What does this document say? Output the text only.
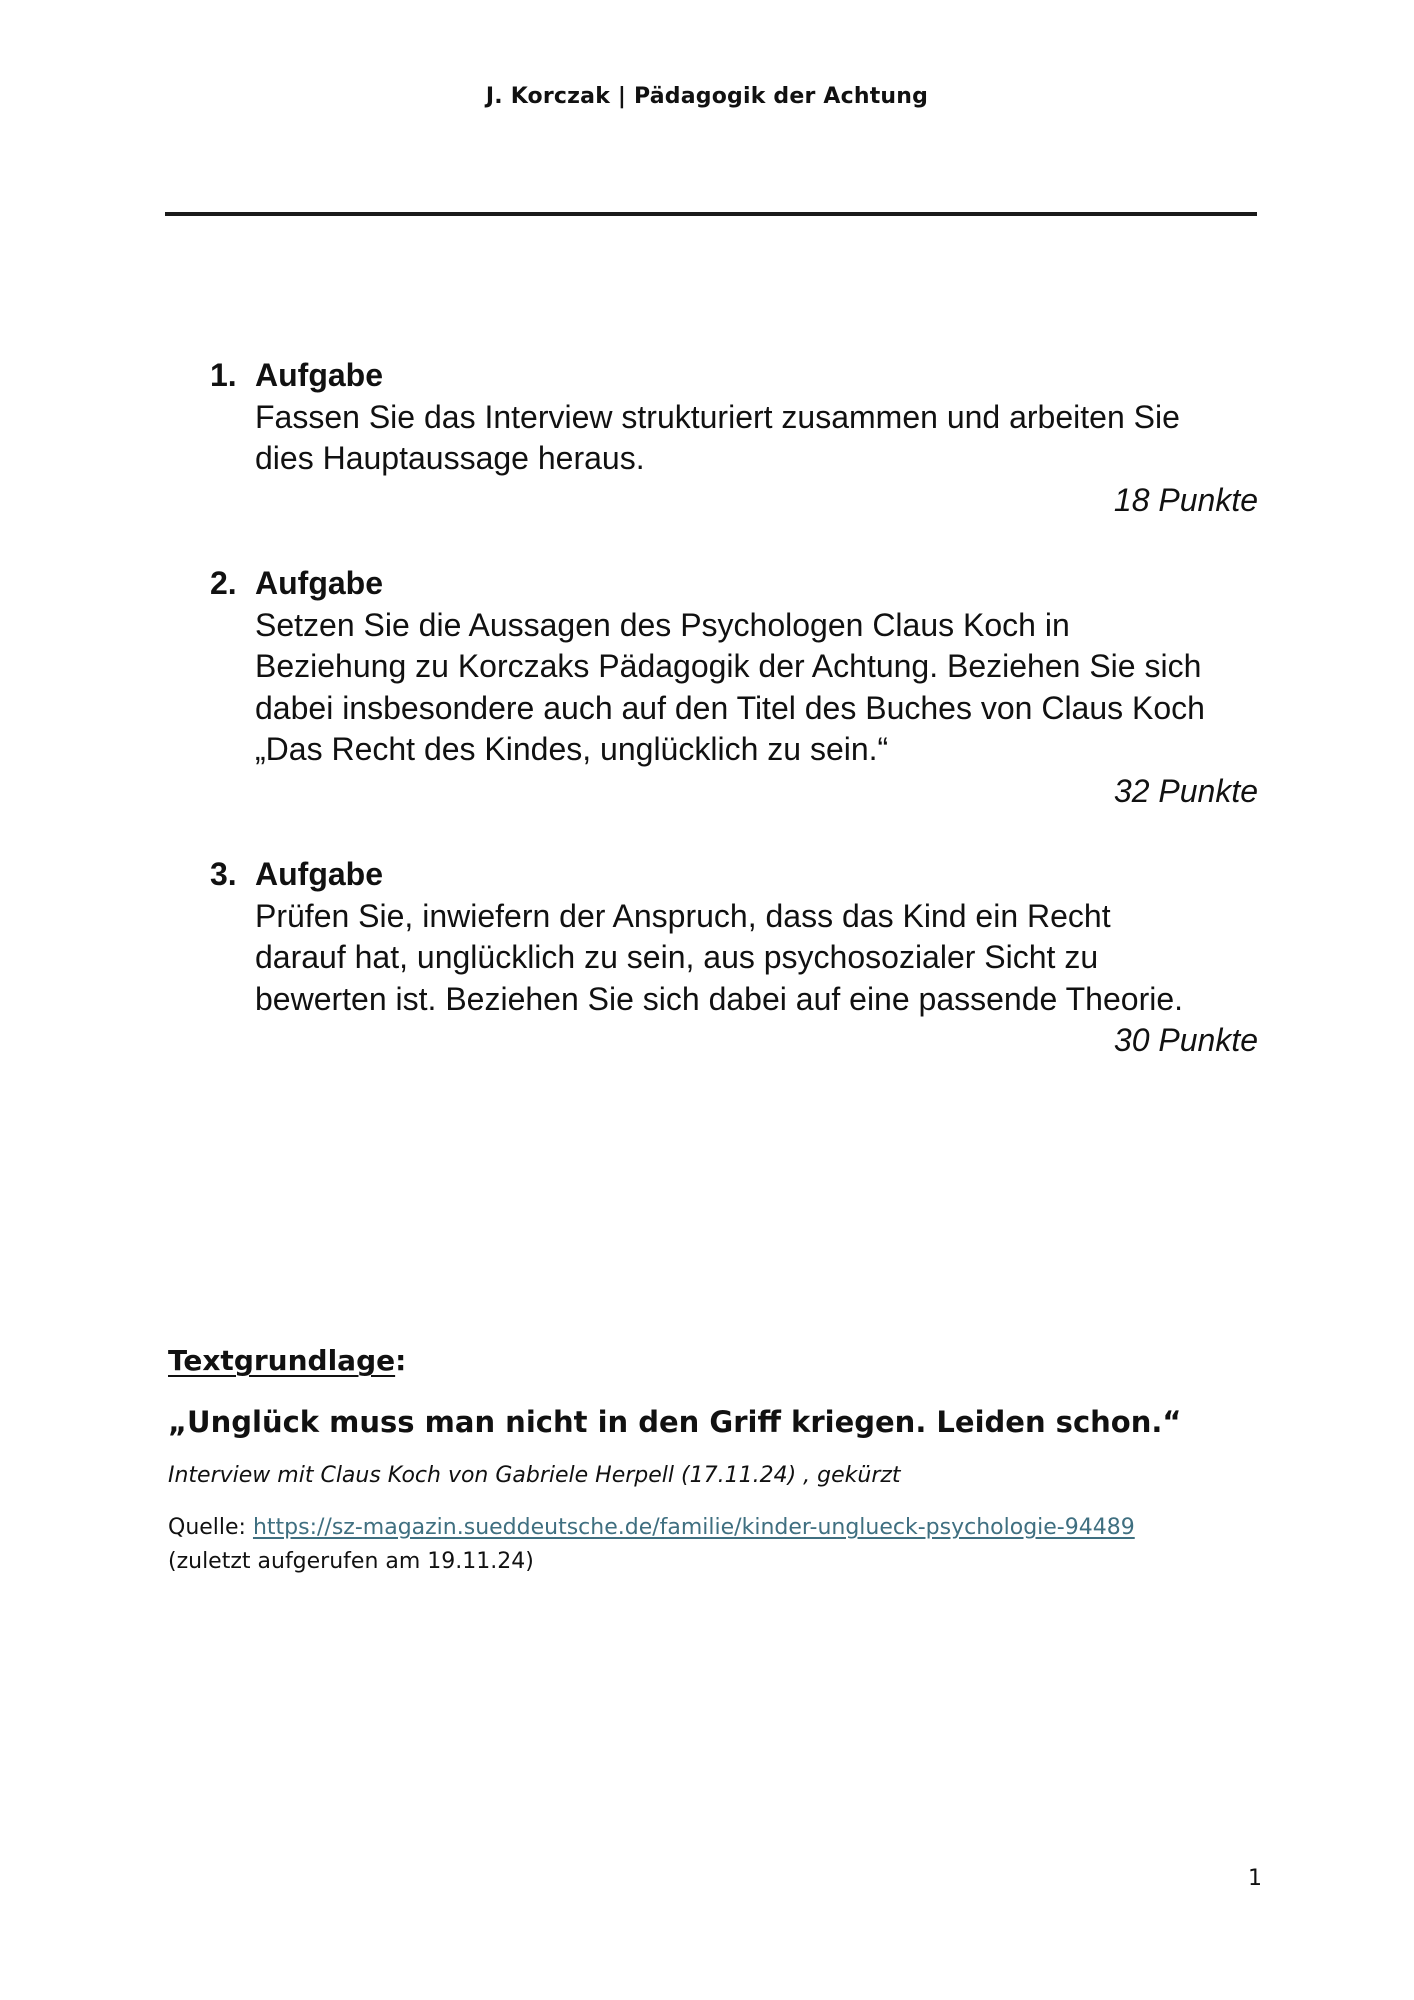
J. Korczak | Pädagogik der Achtung
1. Aufgabe
Fassen Sie das Interview strukturiert zusammen und arbeiten Sie
dies Hauptaussage heraus.
18 Punkte
2. Aufgabe
Setzen Sie die Aussagen des Psychologen Claus Koch in
Beziehung zu Korczaks Pädagogik der Achtung. Beziehen Sie sich
dabei insbesondere auch auf den Titel des Buches von Claus Koch
„Das Recht des Kindes, unglücklich zu sein.“
32 Punkte
3. Aufgabe
Prüfen Sie, inwiefern der Anspruch, dass das Kind ein Recht
darauf hat, unglücklich zu sein, aus psychosozialer Sicht zu
bewerten ist. Beziehen Sie sich dabei auf eine passende Theorie.
30 Punkte
Textgrundlage:
„Unglück muss man nicht in den Griff kriegen. Leiden schon.“
Interview mit Claus Koch von Gabriele Herpell (17.11.24) , gekürzt
Quelle: https://sz-magazin.sueddeutsche.de/familie/kinder-unglueck-psychologie-94489
(zuletzt aufgerufen am 19.11.24)
1
